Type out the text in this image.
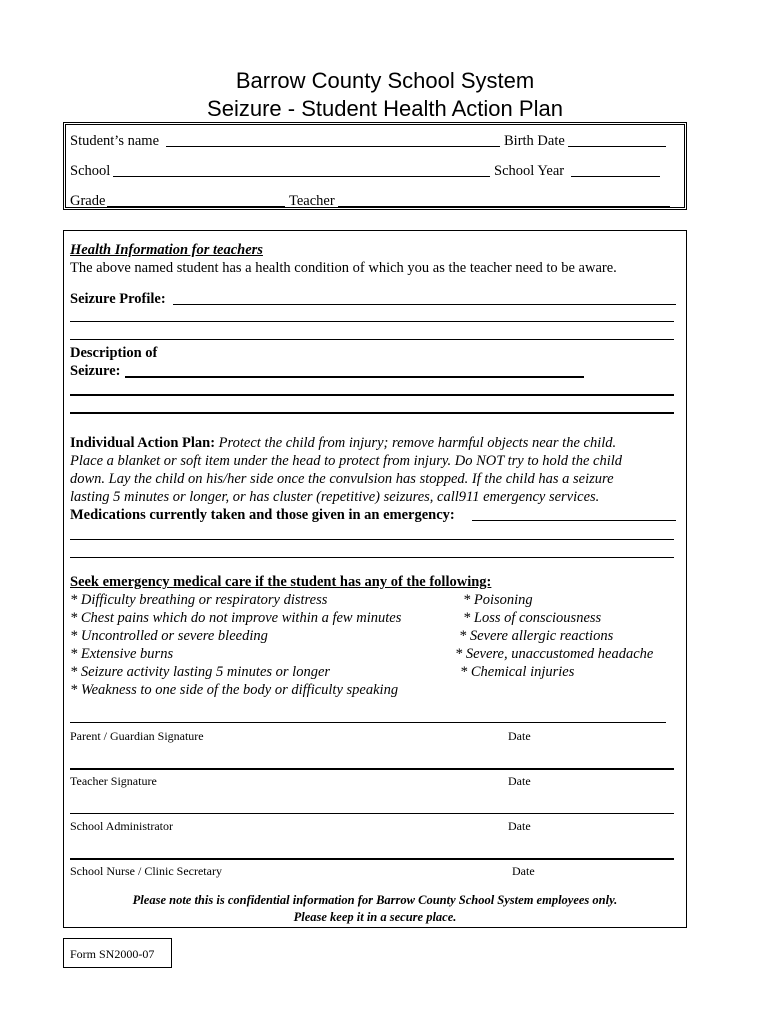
Barrow County School System
Seizure - Student Health Action Plan
Student’s name	Birth Date
School	School Year
Grade	Teacher
Health Information for teachers
The above named student has a health condition of which you as the teacher need to be aware.
Seizure Profile:
Description of
Seizure:
Individual Action Plan: Protect the child from injury; remove harmful objects near the child.
Place a blanket or soft item under the head to protect from injury. Do NOT try to hold the child
down. Lay the child on his/her side once the convulsion has stopped. If the child has a seizure
lasting 5 minutes or longer, or has cluster (repetitive) seizures, call911 emergency services.
Medications currently taken and those given in an emergency:
Seek emergency medical care if the student has any of the following:
* Difficulty breathing or respiratory distress
* Chest pains which do not improve within a few minutes
* Uncontrolled or severe bleeding
* Extensive burns
* Seizure activity lasting 5 minutes or longer
* Weakness to one side of the body or difficulty speaking
* Poisoning
* Loss of consciousness
* Severe allergic reactions
* Severe, unaccustomed headache
* Chemical injuries
Parent / Guardian Signature	Date
Teacher Signature	Date
School Administrator	Date
School Nurse / Clinic Secretary	Date
Please note this is confidential information for Barrow County School System employees only.
Please keep it in a secure place.
Form SN2000-07
